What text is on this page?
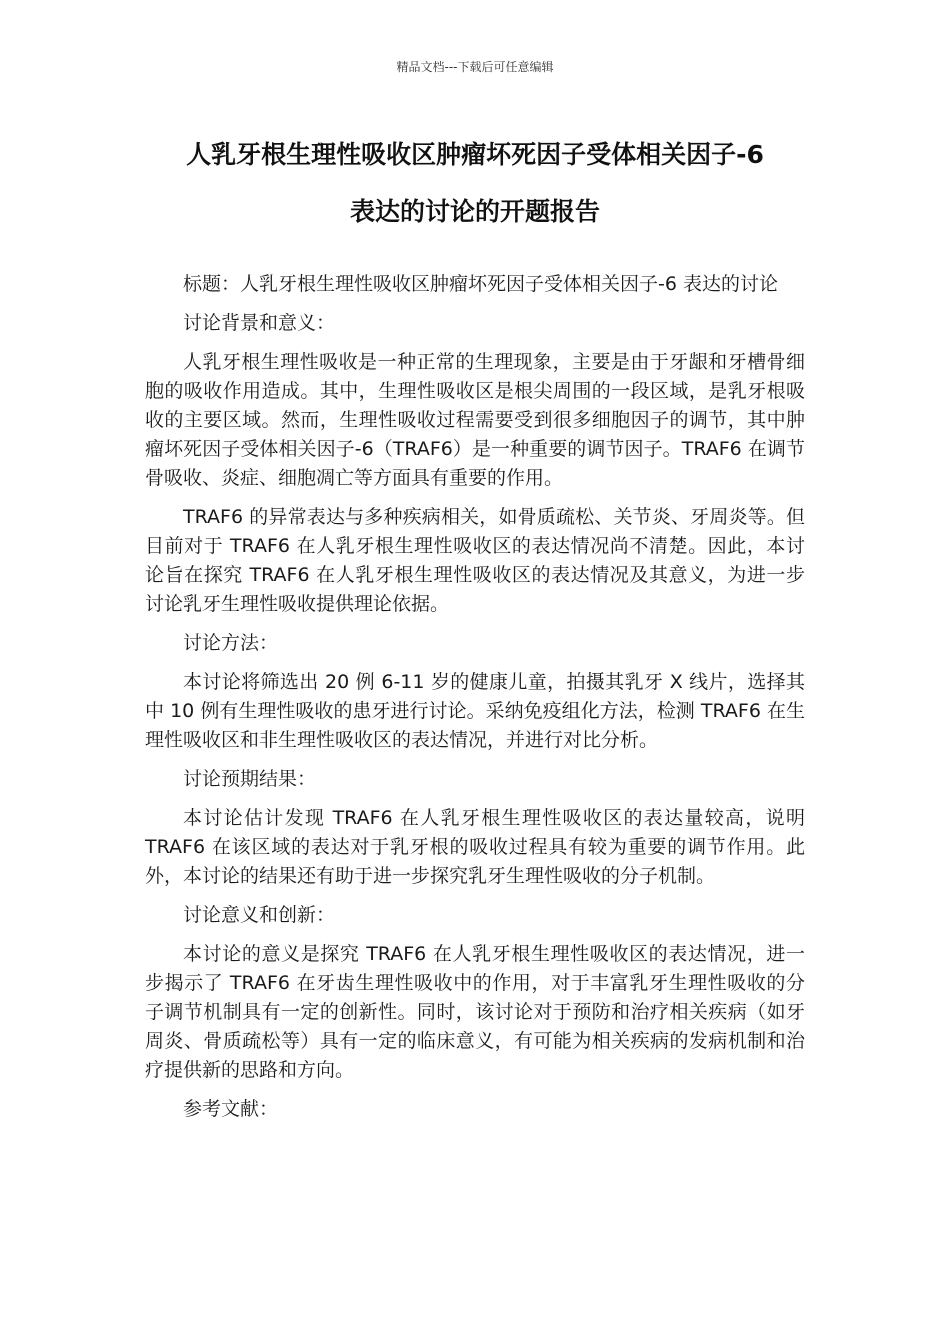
精品文档---下载后可任意编辑
人乳牙根生理性吸收区肿瘤坏死因子受体相关因子-6
表达的讨论的开题报告

标题：人乳牙根生理性吸收区肿瘤坏死因子受体相关因子-6 表达的讨论

讨论背景和意义：

人乳牙根生理性吸收是一种正常的生理现象，主要是由于牙龈和牙槽骨细胞的吸收作用造成。其中，生理性吸收区是根尖周围的一段区域，是乳牙根吸收的主要区域。然而，生理性吸收过程需要受到很多细胞因子的调节，其中肿瘤坏死因子受体相关因子-6（TRAF6）是一种重要的调节因子。TRAF6 在调节骨吸收、炎症、细胞凋亡等方面具有重要的作用。

TRAF6 的异常表达与多种疾病相关，如骨质疏松、关节炎、牙周炎等。但目前对于 TRAF6 在人乳牙根生理性吸收区的表达情况尚不清楚。因此，本讨论旨在探究 TRAF6 在人乳牙根生理性吸收区的表达情况及其意义，为进一步讨论乳牙生理性吸收提供理论依据。

讨论方法：

本讨论将筛选出 20 例 6-11 岁的健康儿童，拍摄其乳牙 X 线片，选择其中 10 例有生理性吸收的患牙进行讨论。采纳免疫组化方法，检测 TRAF6 在生理性吸收区和非生理性吸收区的表达情况，并进行对比分析。

讨论预期结果：

本讨论估计发现 TRAF6 在人乳牙根生理性吸收区的表达量较高，说明 TRAF6 在该区域的表达对于乳牙根的吸收过程具有较为重要的调节作用。此外，本讨论的结果还有助于进一步探究乳牙生理性吸收的分子机制。

讨论意义和创新：

本讨论的意义是探究 TRAF6 在人乳牙根生理性吸收区的表达情况，进一步揭示了 TRAF6 在牙齿生理性吸收中的作用，对于丰富乳牙生理性吸收的分子调节机制具有一定的创新性。同时，该讨论对于预防和治疗相关疾病（如牙周炎、骨质疏松等）具有一定的临床意义，有可能为相关疾病的发病机制和治疗提供新的思路和方向。

参考文献：
